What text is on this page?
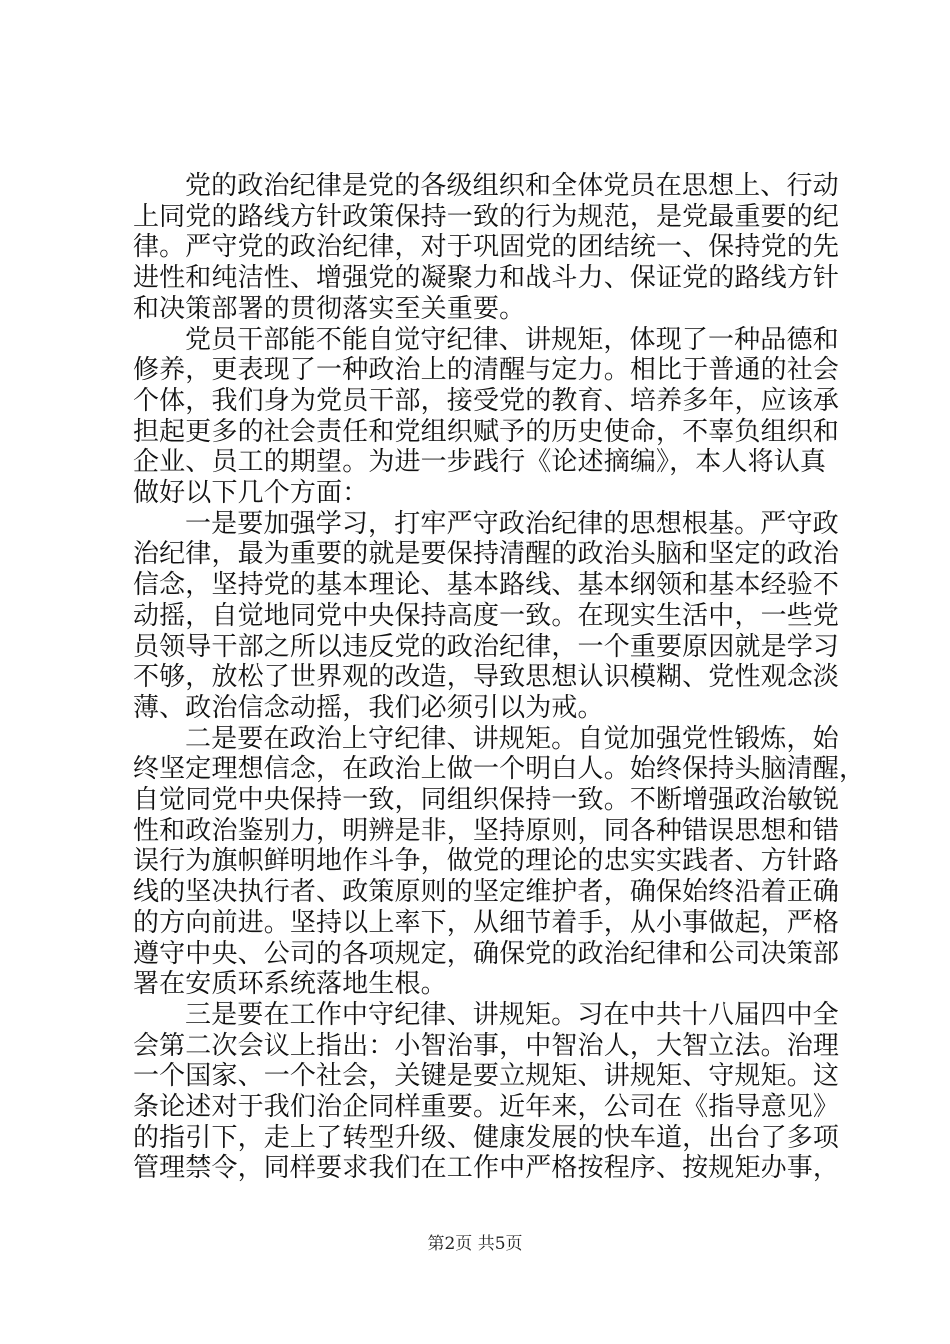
党的政治纪律是党的各级组织和全体党员在思想上、行动
上同党的路线方针政策保持一致的行为规范，是党最重要的纪
律。严守党的政治纪律，对于巩固党的团结统一、保持党的先
进性和纯洁性、增强党的凝聚力和战斗力、保证党的路线方针
和决策部署的贯彻落实至关重要。
党员干部能不能自觉守纪律、讲规矩，体现了一种品德和
修养，更表现了一种政治上的清醒与定力。相比于普通的社会
个体，我们身为党员干部，接受党的教育、培养多年，应该承
担起更多的社会责任和党组织赋予的历史使命，不辜负组织和
企业、员工的期望。为进一步践行《论述摘编》，本人将认真
做好以下几个方面：
一是要加强学习，打牢严守政治纪律的思想根基。严守政
治纪律，最为重要的就是要保持清醒的政治头脑和坚定的政治
信念，坚持党的基本理论、基本路线、基本纲领和基本经验不
动摇，自觉地同党中央保持高度一致。在现实生活中，一些党
员领导干部之所以违反党的政治纪律，一个重要原因就是学习
不够，放松了世界观的改造，导致思想认识模糊、党性观念淡
薄、政治信念动摇，我们必须引以为戒。
二是要在政治上守纪律、讲规矩。自觉加强党性锻炼，始
终坚定理想信念，在政治上做一个明白人。始终保持头脑清醒，
自觉同党中央保持一致，同组织保持一致。不断增强政治敏锐
性和政治鉴别力，明辨是非，坚持原则，同各种错误思想和错
误行为旗帜鲜明地作斗争，做党的理论的忠实实践者、方针路
线的坚决执行者、政策原则的坚定维护者，确保始终沿着正确
的方向前进。坚持以上率下，从细节着手，从小事做起，严格
遵守中央、公司的各项规定，确保党的政治纪律和公司决策部
署在安质环系统落地生根。
三是要在工作中守纪律、讲规矩。习在中共十八届四中全
会第二次会议上指出：小智治事，中智治人，大智立法。治理
一个国家、一个社会，关键是要立规矩、讲规矩、守规矩。这
条论述对于我们治企同样重要。近年来，公司在《指导意见》
的指引下，走上了转型升级、健康发展的快车道，出台了多项
管理禁令，同样要求我们在工作中严格按程序、按规矩办事，
第2页 共5页
